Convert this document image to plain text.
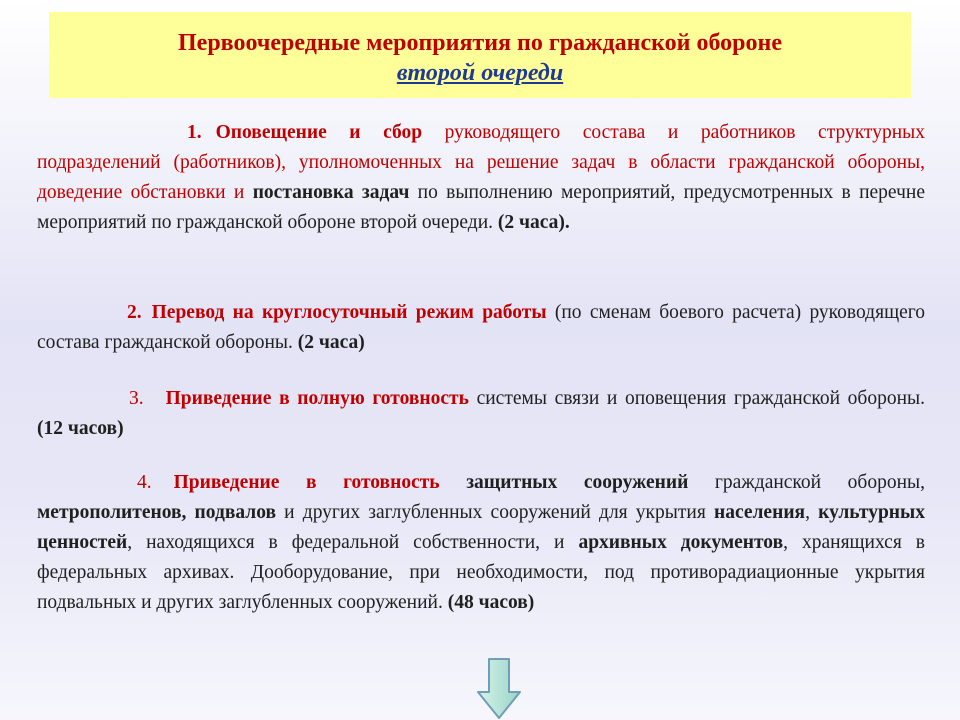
Первоочередные мероприятия по гражданской обороне
второй очереди

1. Оповещение и сбор руководящего состава и работников структурных подразделений (работников), уполномоченных на решение задач в области гражданской обороны, доведение обстановки и постановка задач по выполнению мероприятий, предусмотренных в перечне мероприятий по гражданской обороне второй очереди. (2 часа).

2. Перевод на круглосуточный режим работы (по сменам боевого расчета) руководящего состава гражданской обороны. (2 часа)

3. Приведение в полную готовность системы связи и оповещения гражданской обороны. (12 часов)

4. Приведение в готовность защитных сооружений гражданской обороны, метрополитенов, подвалов и других заглубленных сооружений для укрытия населения, культурных ценностей, находящихся в федеральной собственности, и архивных документов, хранящихся в федеральных архивах. Дооборудование, при необходимости, под противорадиационные укрытия подвальных и других заглубленных сооружений. (48 часов)
